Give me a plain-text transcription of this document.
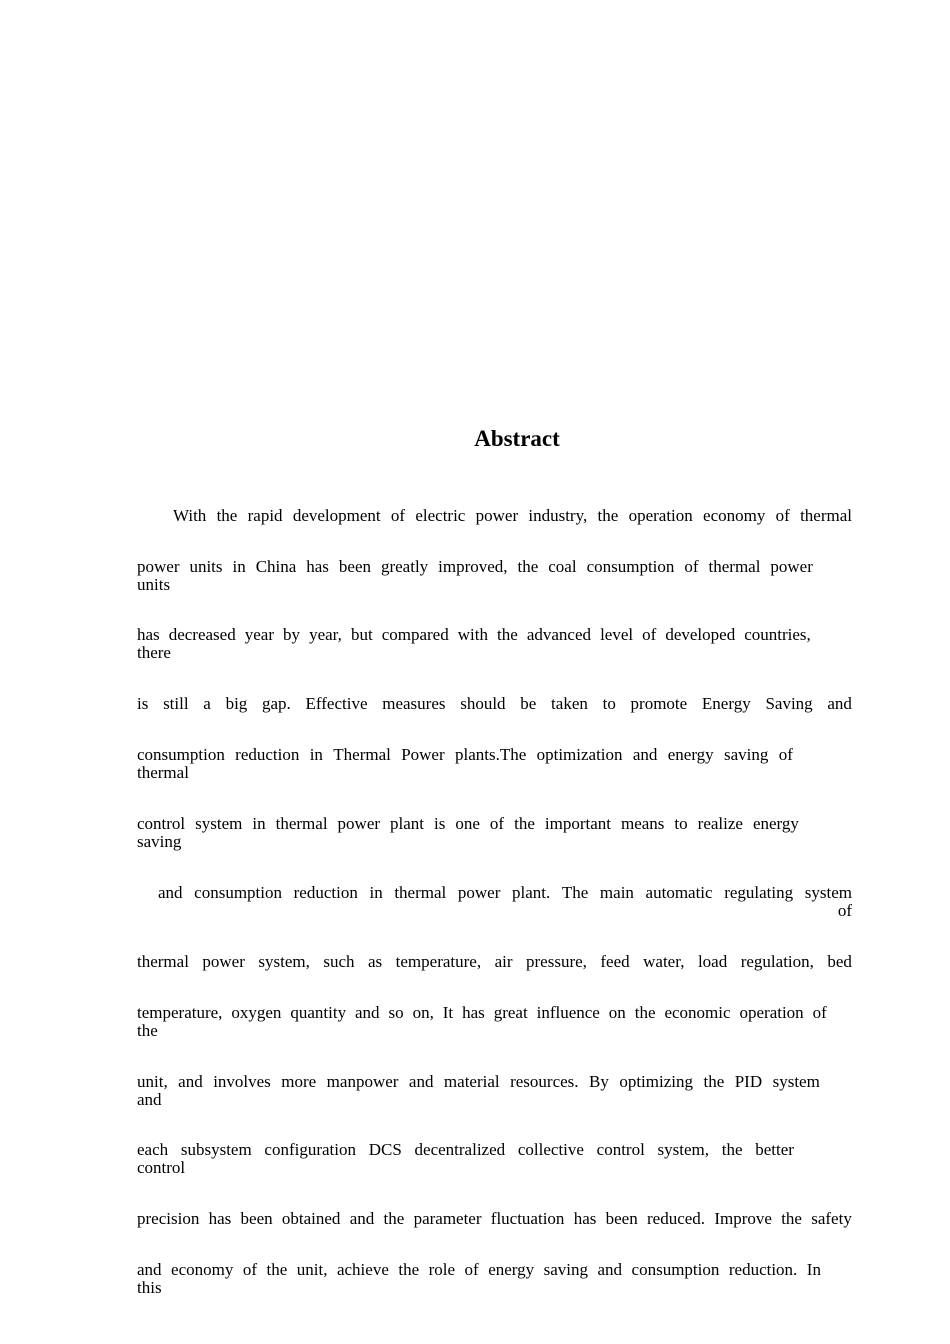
Abstract
With the rapid development of electric power industry, the operation economy of thermal
power units in China has been greatly improved, the coal consumption of thermal power
units
has decreased year by year, but compared with the advanced level of developed countries,
there
is still a big gap. Effective measures should be taken to promote Energy Saving and
consumption reduction in Thermal Power plants.The optimization and energy saving of
thermal
control system in thermal power plant is one of the important means to realize energy
saving
and consumption reduction in thermal power plant. The main automatic regulating system
of
thermal power system, such as temperature, air pressure, feed water, load regulation, bed
temperature, oxygen quantity and so on, It has great influence on the economic operation of
the
unit, and involves more manpower and material resources. By optimizing the PID system
and
each subsystem configuration DCS decentralized collective control system, the better
control
precision has been obtained and the parameter fluctuation has been reduced. Improve the safety
and economy of the unit, achieve the role of energy saving and consumption reduction. In
this
